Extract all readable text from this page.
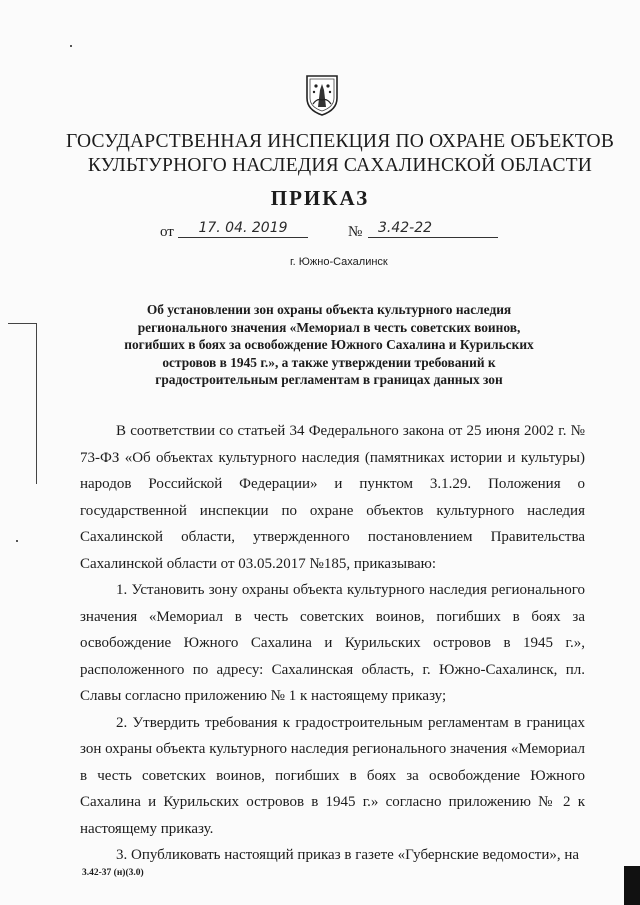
ГОСУДАРСТВЕННАЯ ИНСПЕКЦИЯ ПО ОХРАНЕ ОБЪЕКТОВ
КУЛЬТУРНОГО НАСЛЕДИЯ САХАЛИНСКОЙ ОБЛАСТИ
ПРИКАЗ
от	17. 04. 2019	№	3.42-22
г. Южно-Сахалинск
Об установлении зон охраны объекта культурного наследия
регионального значения «Мемориал в честь советских воинов,
погибших в боях за освобождение Южного Сахалина и Курильских
островов в 1945 г.», а также утверждении требований к
градостроительным регламентам в границах данных зон

В соответствии со статьей 34 Федерального закона от 25 июня 2002 г. № 73-ФЗ «Об объектах культурного наследия (памятниках истории и культуры) народов Российской Федерации» и пунктом 3.1.29. Положения о государственной инспекции по охране объектов культурного наследия Сахалинской области, утвержденного постановлением Правительства Сахалинской области от 03.05.2017 №185, приказываю:

1. Установить зону охраны объекта культурного наследия регионального значения «Мемориал в честь советских воинов, погибших в боях за освобождение Южного Сахалина и Курильских островов в 1945 г.», расположенного по адресу: Сахалинская область, г. Южно-Сахалинск, пл. Славы согласно приложению № 1 к настоящему приказу;

2. Утвердить требования к градостроительным регламентам в границах зон охраны объекта культурного наследия регионального значения «Мемориал в честь советских воинов, погибших в боях за освобождение Южного Сахалина и Курильских островов в 1945 г.» согласно приложению № 2 к настоящему приказу.

3. Опубликовать настоящий приказ в газете «Губернские ведомости», на

3.42-37 (н)(3.0)
